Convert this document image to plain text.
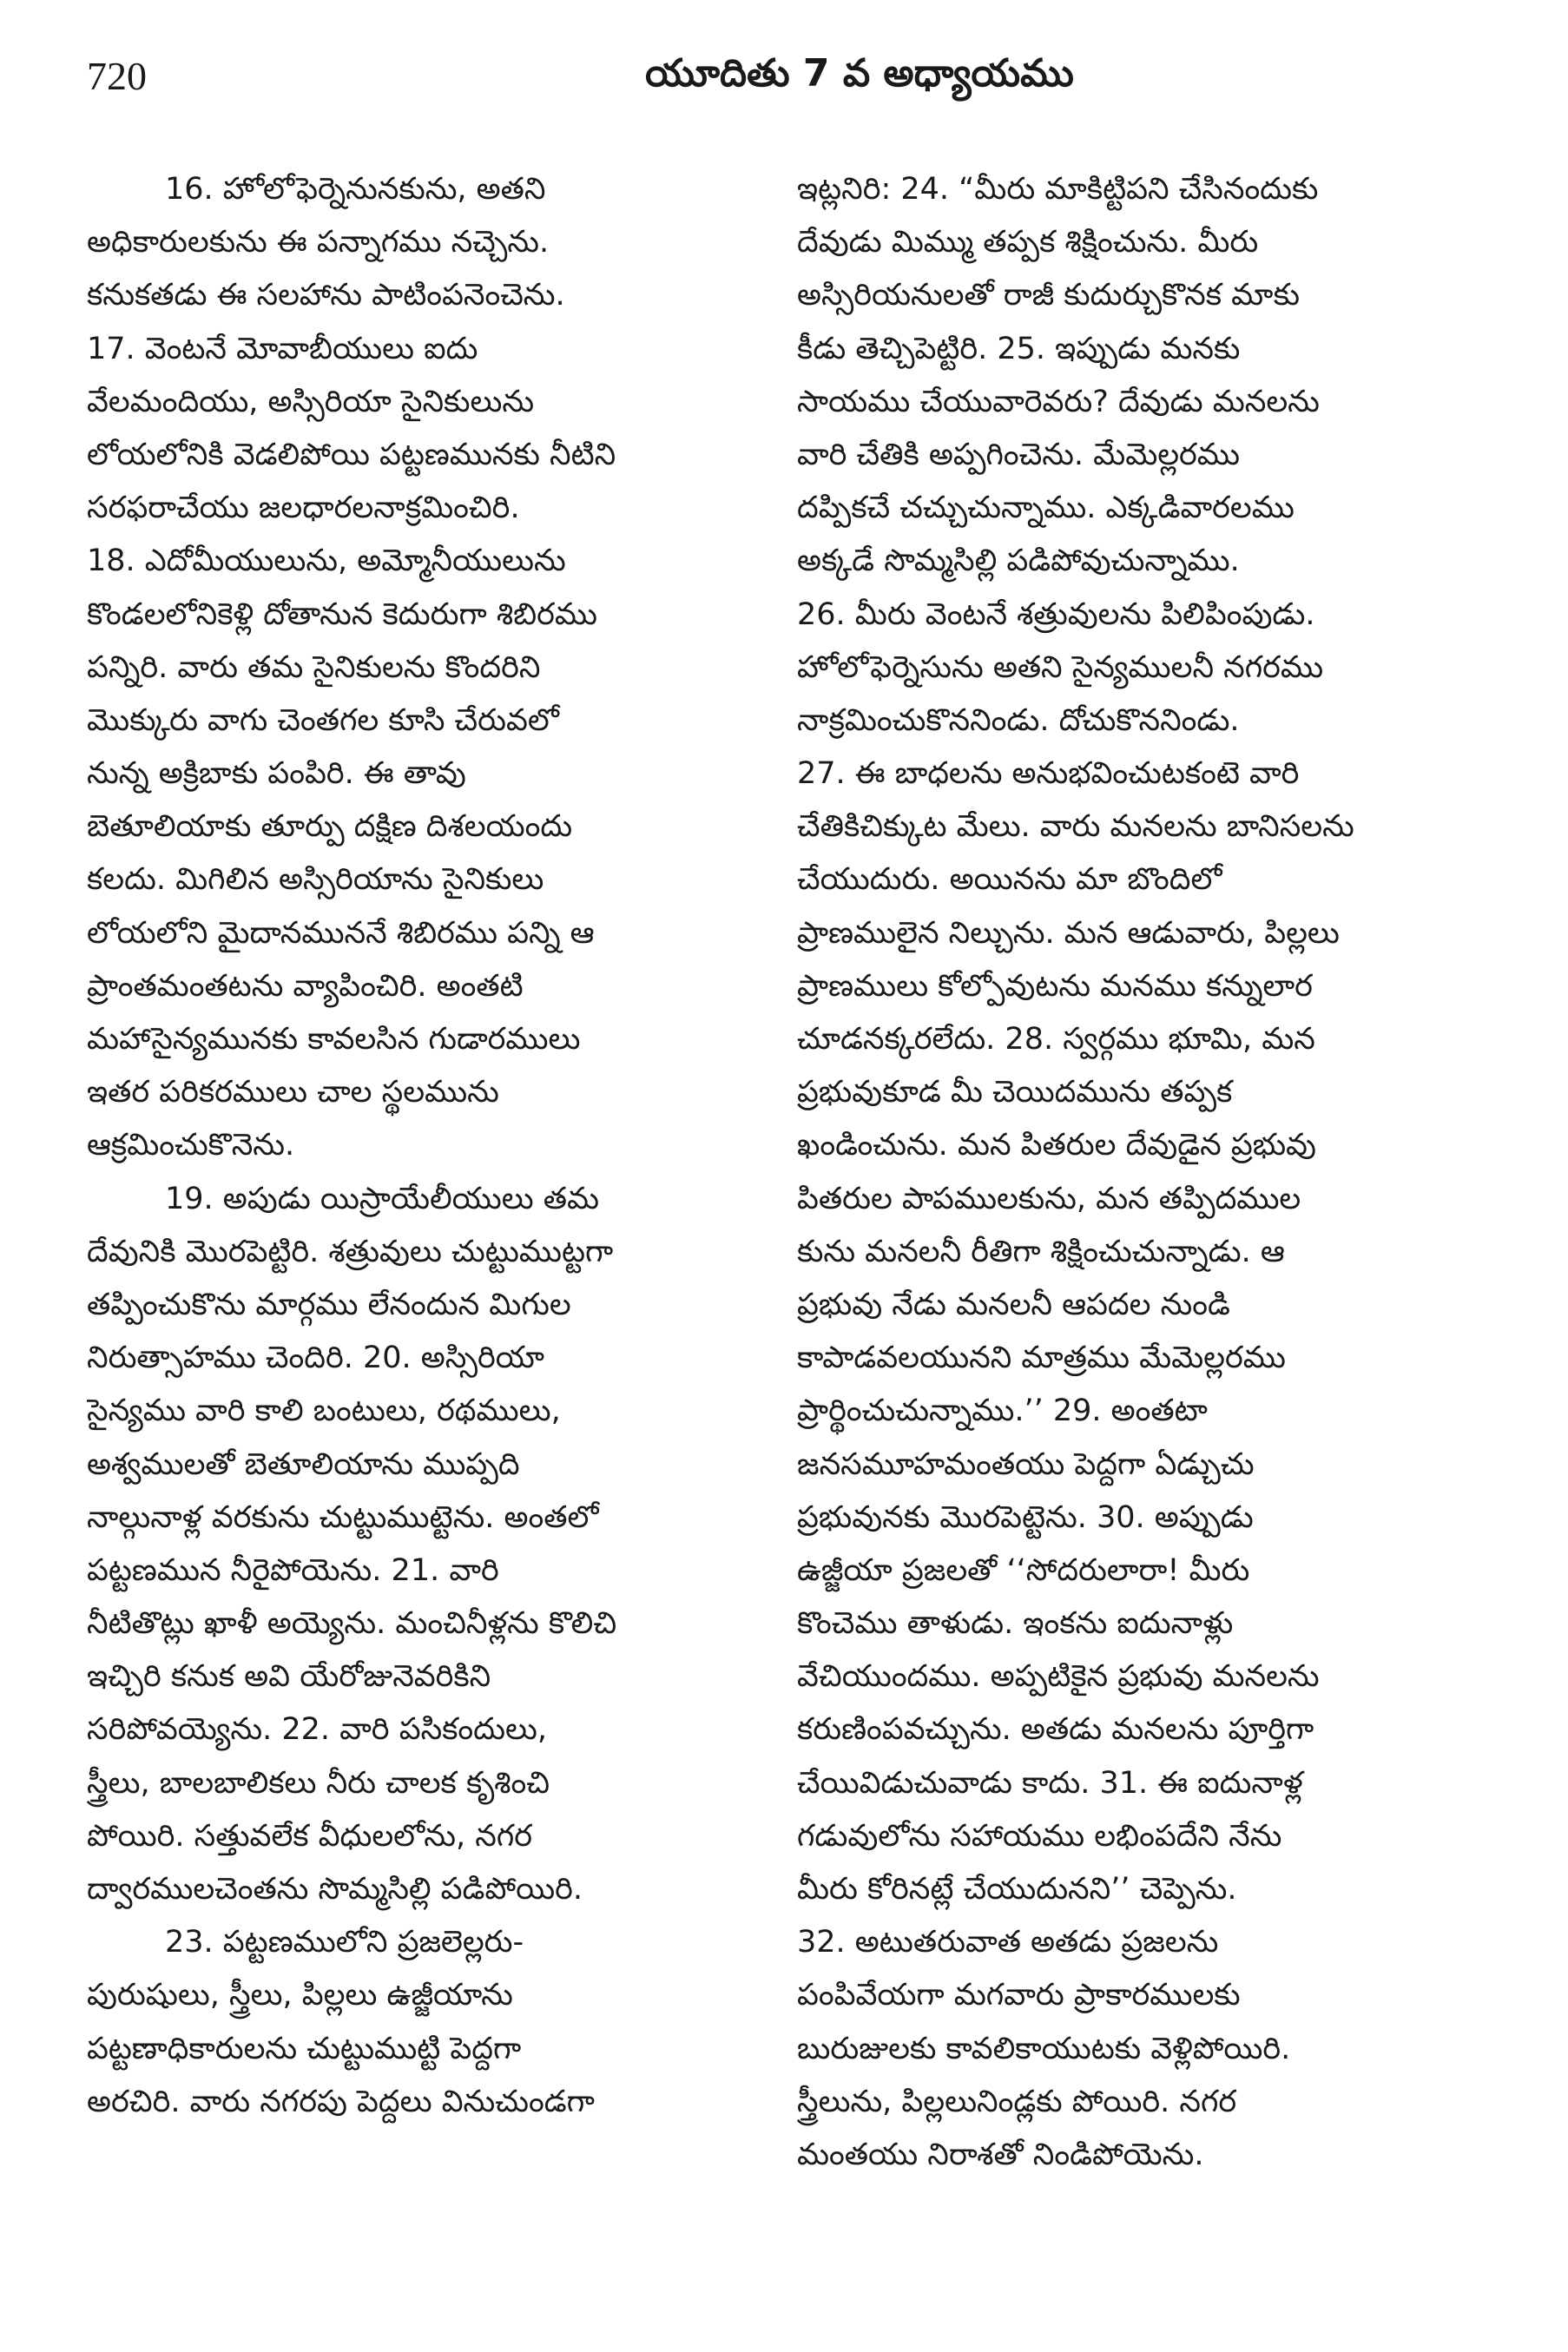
720	యూదితు 7 వ అధ్యాయము
16. హోలోఫెర్నెనునకును, అతని
అధికారులకును ఈ పన్నాగము నచ్చెను.
కనుకతడు ఈ సలహాను పాటింపనెంచెను.
17. వెంటనే మోవాబీయులు ఐదు
వేలమందియు, అస్సిరియా సైనికులును
లోయలోనికి వెడలిపోయి పట్టణమునకు నీటిని
సరఫరాచేయు జలధారలనాక్రమించిరి.
18. ఎదోమీయులును, అమ్మోనీయులును
కొండలలోనికెళ్లి దోతానున కెదురుగా శిబిరము
పన్నిరి. వారు తమ సైనికులను కొందరిని
మొక్కురు వాగు చెంతగల కూసి చేరువలో
నున్న అక్రిబాకు పంపిరి. ఈ తావు
బెతూలియాకు తూర్పు దక్షిణ దిశలయందు
కలదు. మిగిలిన అస్సిరియాను సైనికులు
లోయలోని మైదానముననే శిబిరము పన్ని ఆ
ప్రాంతమంతటను వ్యాపించిరి. అంతటి
మహాసైన్యమునకు కావలసిన గుడారములు
ఇతర పరికరములు చాల స్థలమును
ఆక్రమించుకొనెను.
19. అపుడు యిస్రాయేలీయులు తమ
దేవునికి మొరపెట్టిరి. శత్రువులు చుట్టుముట్టగా
తప్పించుకొను మార్గము లేనందున మిగుల
నిరుత్సాహము చెందిరి. 20. అస్సిరియా
సైన్యము వారి కాలి బంటులు, రథములు,
అశ్వములతో బెతూలియాను ముప్పది
నాల్గునాళ్ల వరకును చుట్టుముట్టెను. అంతలో
పట్టణమున నీరైపోయెను. 21. వారి
నీటితొట్లు ఖాళీ అయ్యెను. మంచినీళ్లను కొలిచి
ఇచ్చిరి కనుక అవి యేరోజునెవరికిని
సరిపోవయ్యెను. 22. వారి పసికందులు,
స్త్రీలు, బాలబాలికలు నీరు చాలక కృశించి
పోయిరి. సత్తువలేక వీధులలోను, నగర
ద్వారములచెంతను సొమ్మసిల్లి పడిపోయిరి.
23. పట్టణములోని ప్రజలెల్లరు-
పురుషులు, స్త్రీలు, పిల్లలు ఉజ్జీయాను
పట్టణాధికారులను చుట్టుముట్టి పెద్దగా
అరచిరి. వారు నగరపు పెద్దలు వినుచుండగా
ఇట్లనిరి: 24. “మీరు మాకిట్టిపని చేసినందుకు
దేవుడు మిమ్ము తప్పక శిక్షించును. మీరు
అస్సిరియనులతో రాజీ కుదుర్చుకొనక మాకు
కీడు తెచ్చిపెట్టిరి. 25. ఇప్పుడు మనకు
సాయము చేయువారెవరు? దేవుడు మనలను
వారి చేతికి అప్పగించెను. మేమెల్లరము
దప్పికచే చచ్చుచున్నాము. ఎక్కడివారలము
అక్కడే సొమ్మసిల్లి పడిపోవుచున్నాము.
26. మీరు వెంటనే శత్రువులను పిలిపింపుడు.
హోలోఫెర్నెసును అతని సైన్యములనీ నగరము
నాక్రమించుకొననిండు. దోచుకొననిండు.
27. ఈ బాధలను అనుభవించుటకంటె వారి
చేతికిచిక్కుట మేలు. వారు మనలను బానిసలను
చేయుదురు. అయినను మా బొందిలో
ప్రాణములైన నిల్చును. మన ఆడువారు, పిల్లలు
ప్రాణములు కోల్పోవుటను మనము కన్నులార
చూడనక్కరలేదు. 28. స్వర్గము భూమి, మన
ప్రభువుకూడ మీ చెయిదమును తప్పక
ఖండించును. మన పితరుల దేవుడైన ప్రభువు
పితరుల పాపములకును, మన తప్పిదముల
కును మనలనీ రీతిగా శిక్షించుచున్నాడు. ఆ
ప్రభువు నేడు మనలనీ ఆపదల నుండి
కాపాడవలయునని మాత్రము మేమెల్లరము
ప్రార్థించుచున్నాము.’’ 29. అంతటా
జనసమూహమంతయు పెద్దగా ఏడ్చుచు
ప్రభువునకు మొరపెట్టెను. 30. అప్పుడు
ఉజ్జీయా ప్రజలతో ‘‘సోదరులారా! మీరు
కొంచెము తాళుడు. ఇంకను ఐదునాళ్లు
వేచియుందము. అప్పటికైన ప్రభువు మనలను
కరుణింపవచ్చును. అతడు మనలను పూర్తిగా
చేయివిడుచువాడు కాదు. 31. ఈ ఐదునాళ్ల
గడువులోను సహాయము లభింపదేని నేను
మీరు కోరినట్లే చేయుదునని’’ చెప్పెను.
32. అటుతరువాత అతడు ప్రజలను
పంపివేయగా మగవారు ప్రాకారములకు
బురుజులకు కావలికాయుటకు వెళ్లిపోయిరి.
స్త్రీలును, పిల్లలునిండ్లకు పోయిరి. నగర
మంతయు నిరాశతో నిండిపోయెను.
